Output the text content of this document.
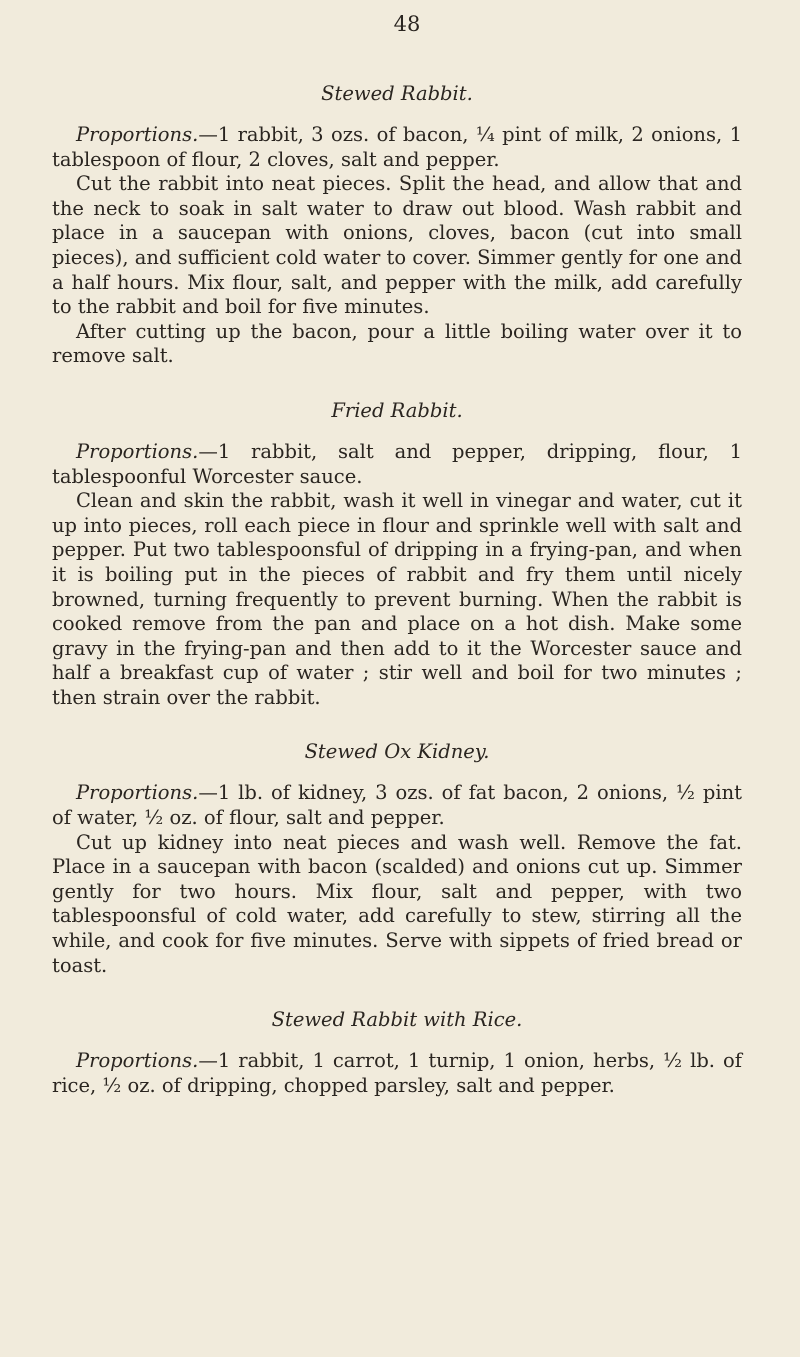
48
Stewed Rabbit.

Proportions.—1 rabbit, 3 ozs. of bacon, ¼ pint of milk, 2 onions, 1 tablespoon of flour, 2 cloves, salt and pepper.

Cut the rabbit into neat pieces. Split the head, and allow that and the neck to soak in salt water to draw out blood. Wash rabbit and place in a saucepan with onions, cloves, bacon (cut into small pieces), and sufficient cold water to cover. Simmer gently for one and a half hours. Mix flour, salt, and pepper with the milk, add carefully to the rabbit and boil for five minutes.

After cutting up the bacon, pour a little boiling water over it to remove salt.

Fried Rabbit.

Proportions.—1 rabbit, salt and pepper, dripping, flour, 1 tablespoonful Worcester sauce.

Clean and skin the rabbit, wash it well in vinegar and water, cut it up into pieces, roll each piece in flour and sprinkle well with salt and pepper. Put two tablespoonsful of dripping in a frying-pan, and when it is boiling put in the pieces of rabbit and fry them until nicely browned, turning frequently to prevent burning. When the rabbit is cooked remove from the pan and place on a hot dish. Make some gravy in the frying-pan and then add to it the Worcester sauce and half a breakfast cup of water ; stir well and boil for two minutes ; then strain over the rabbit.

Stewed Ox Kidney.

Proportions.—1 lb. of kidney, 3 ozs. of fat bacon, 2 onions, ½ pint of water, ½ oz. of flour, salt and pepper.

Cut up kidney into neat pieces and wash well. Remove the fat. Place in a saucepan with bacon (scalded) and onions cut up. Simmer gently for two hours. Mix flour, salt and pepper, with two tablespoonsful of cold water, add carefully to stew, stirring all the while, and cook for five minutes. Serve with sippets of fried bread or toast.

Stewed Rabbit with Rice.

Proportions.—1 rabbit, 1 carrot, 1 turnip, 1 onion, herbs, ½ lb. of rice, ½ oz. of dripping, chopped parsley, salt and pepper.
